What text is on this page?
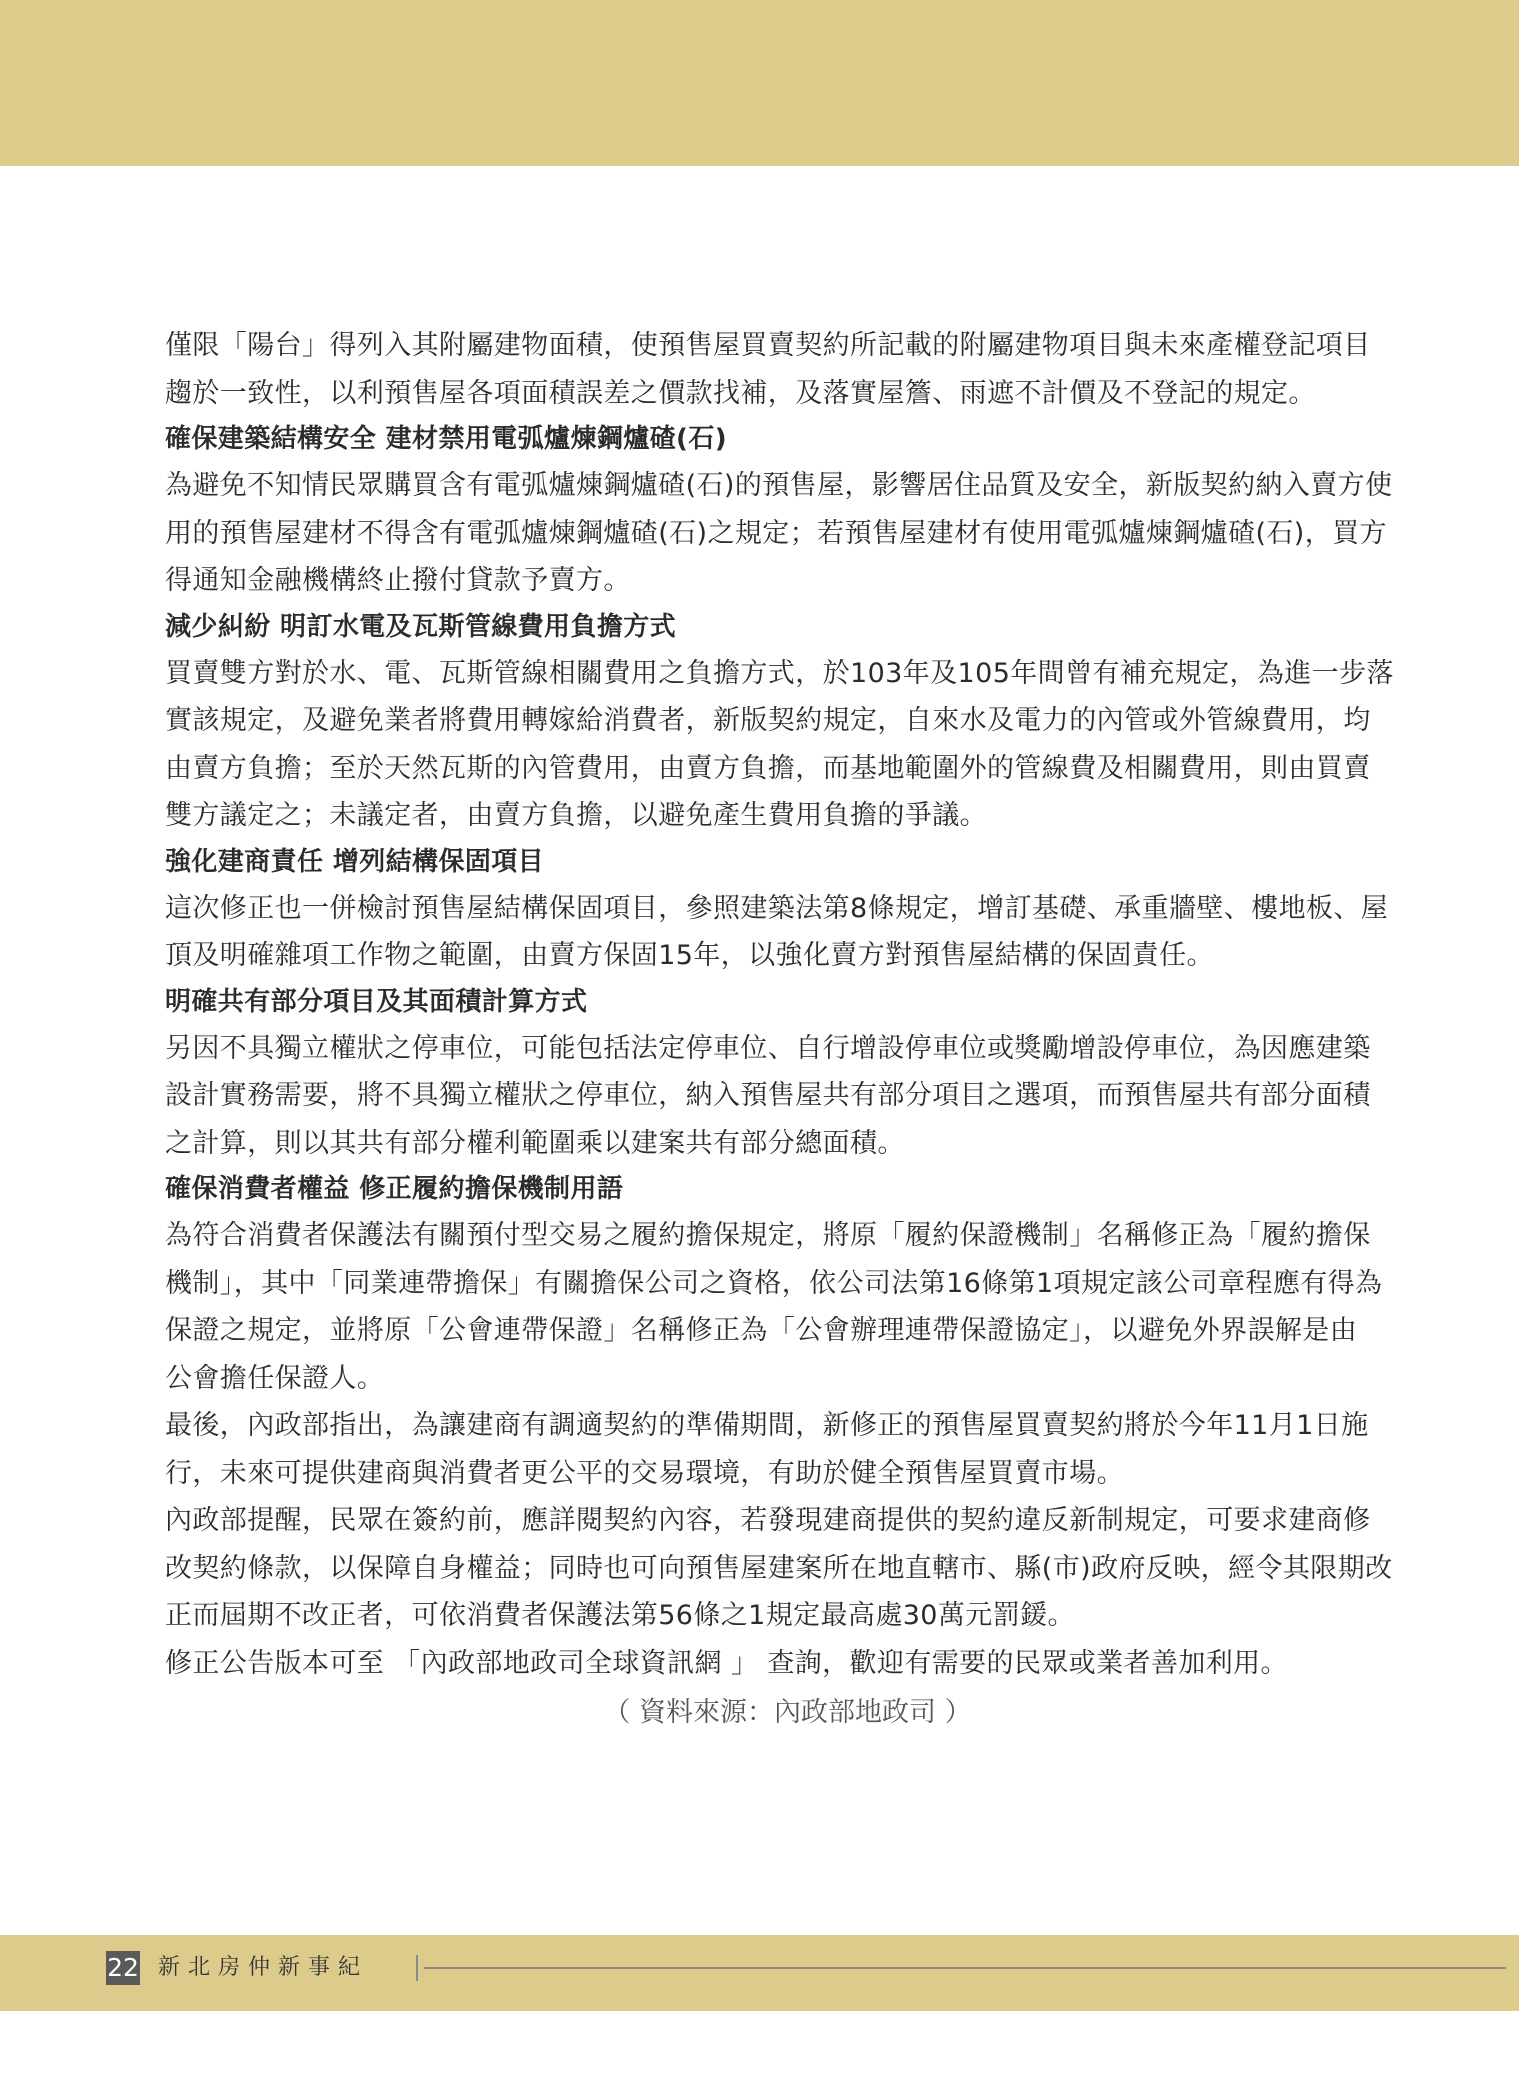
僅限「陽台」得列入其附屬建物面積，使預售屋買賣契約所記載的附屬建物項目與未來產權登記項目
趨於一致性，以利預售屋各項面積誤差之價款找補，及落實屋簷、雨遮不計價及不登記的規定。

確保建築結構安全 建材禁用電弧爐煉鋼爐碴(石)

為避免不知情民眾購買含有電弧爐煉鋼爐碴(石)的預售屋，影響居住品質及安全，新版契約納入賣方使
用的預售屋建材不得含有電弧爐煉鋼爐碴(石)之規定；若預售屋建材有使用電弧爐煉鋼爐碴(石)，買方
得通知金融機構終止撥付貸款予賣方。

減少糾紛 明訂水電及瓦斯管線費用負擔方式

買賣雙方對於水、電、瓦斯管線相關費用之負擔方式，於103年及105年間曾有補充規定，為進一步落
實該規定，及避免業者將費用轉嫁給消費者，新版契約規定，自來水及電力的內管或外管線費用，均
由賣方負擔；至於天然瓦斯的內管費用，由賣方負擔，而基地範圍外的管線費及相關費用，則由買賣
雙方議定之；未議定者，由賣方負擔，以避免產生費用負擔的爭議。

強化建商責任 增列結構保固項目

這次修正也一併檢討預售屋結構保固項目，參照建築法第8條規定，增訂基礎、承重牆壁、樓地板、屋
頂及明確雜項工作物之範圍，由賣方保固15年，以強化賣方對預售屋結構的保固責任。

明確共有部分項目及其面積計算方式

另因不具獨立權狀之停車位，可能包括法定停車位、自行增設停車位或獎勵增設停車位，為因應建築
設計實務需要，將不具獨立權狀之停車位，納入預售屋共有部分項目之選項，而預售屋共有部分面積
之計算，則以其共有部分權利範圍乘以建案共有部分總面積。

確保消費者權益 修正履約擔保機制用語

為符合消費者保護法有關預付型交易之履約擔保規定，將原「履約保證機制」名稱修正為「履約擔保
機制」，其中「同業連帶擔保」有關擔保公司之資格，依公司法第16條第1項規定該公司章程應有得為
保證之規定，並將原「公會連帶保證」名稱修正為「公會辦理連帶保證協定」，以避免外界誤解是由
公會擔任保證人。

最後，內政部指出，為讓建商有調適契約的準備期間，新修正的預售屋買賣契約將於今年11月1日施
行，未來可提供建商與消費者更公平的交易環境，有助於健全預售屋買賣市場。

內政部提醒，民眾在簽約前，應詳閱契約內容，若發現建商提供的契約違反新制規定，可要求建商修
改契約條款，以保障自身權益；同時也可向預售屋建案所在地直轄市、縣(市)政府反映，經令其限期改
正而屆期不改正者，可依消費者保護法第56條之1規定最高處30萬元罰鍰。

修正公告版本可至 「內政部地政司全球資訊網 」 查詢，歡迎有需要的民眾或業者善加利用。

（ 資料來源：內政部地政司 ）

22 新北房仲新事紀
